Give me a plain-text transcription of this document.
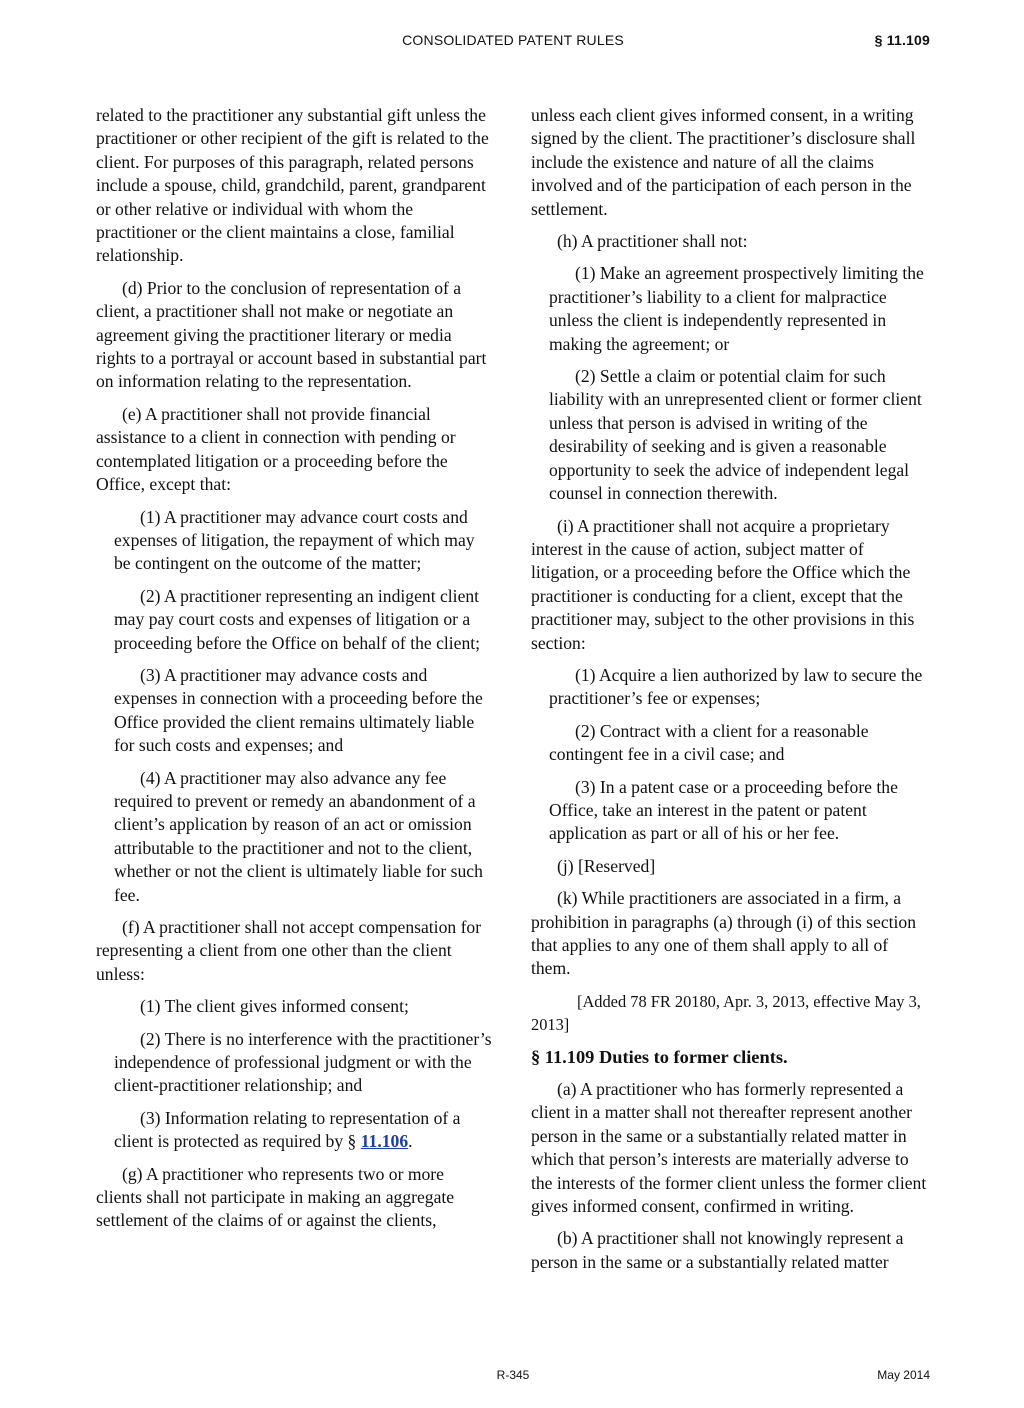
CONSOLIDATED PATENT RULES	§ 11.109

related to the practitioner any substantial gift unless the practitioner or other recipient of the gift is related to the client. For purposes of this paragraph, related persons include a spouse, child, grandchild, parent, grandparent or other relative or individual with whom the practitioner or the client maintains a close, familial relationship.

(d) Prior to the conclusion of representation of a client, a practitioner shall not make or negotiate an agreement giving the practitioner literary or media rights to a portrayal or account based in substantial part on information relating to the representation.

(e) A practitioner shall not provide financial assistance to a client in connection with pending or contemplated litigation or a proceeding before the Office, except that:

(1) A practitioner may advance court costs and expenses of litigation, the repayment of which may be contingent on the outcome of the matter;

(2) A practitioner representing an indigent client may pay court costs and expenses of litigation or a proceeding before the Office on behalf of the client;

(3) A practitioner may advance costs and expenses in connection with a proceeding before the Office provided the client remains ultimately liable for such costs and expenses; and

(4) A practitioner may also advance any fee required to prevent or remedy an abandonment of a client’s application by reason of an act or omission attributable to the practitioner and not to the client, whether or not the client is ultimately liable for such fee.

(f) A practitioner shall not accept compensation for representing a client from one other than the client unless:

(1) The client gives informed consent;

(2) There is no interference with the practitioner’s independence of professional judgment or with the client-practitioner relationship; and

(3) Information relating to representation of a client is protected as required by § 11.106.

(g) A practitioner who represents two or more clients shall not participate in making an aggregate settlement of the claims of or against the clients,

unless each client gives informed consent, in a writing signed by the client. The practitioner’s disclosure shall include the existence and nature of all the claims involved and of the participation of each person in the settlement.

(h) A practitioner shall not:

(1) Make an agreement prospectively limiting the practitioner’s liability to a client for malpractice unless the client is independently represented in making the agreement; or

(2) Settle a claim or potential claim for such liability with an unrepresented client or former client unless that person is advised in writing of the desirability of seeking and is given a reasonable opportunity to seek the advice of independent legal counsel in connection therewith.

(i) A practitioner shall not acquire a proprietary interest in the cause of action, subject matter of litigation, or a proceeding before the Office which the practitioner is conducting for a client, except that the practitioner may, subject to the other provisions in this section:

(1) Acquire a lien authorized by law to secure the practitioner’s fee or expenses;

(2) Contract with a client for a reasonable contingent fee in a civil case; and

(3) In a patent case or a proceeding before the Office, take an interest in the patent or patent application as part or all of his or her fee.

(j) [Reserved]

(k) While practitioners are associated in a firm, a prohibition in paragraphs (a) through (i) of this section that applies to any one of them shall apply to all of them.

[Added 78 FR 20180, Apr. 3, 2013, effective May 3, 2013]

§ 11.109 Duties to former clients.

(a) A practitioner who has formerly represented a client in a matter shall not thereafter represent another person in the same or a substantially related matter in which that person’s interests are materially adverse to the interests of the former client unless the former client gives informed consent, confirmed in writing.

(b) A practitioner shall not knowingly represent a person in the same or a substantially related matter

R-345	May 2014
